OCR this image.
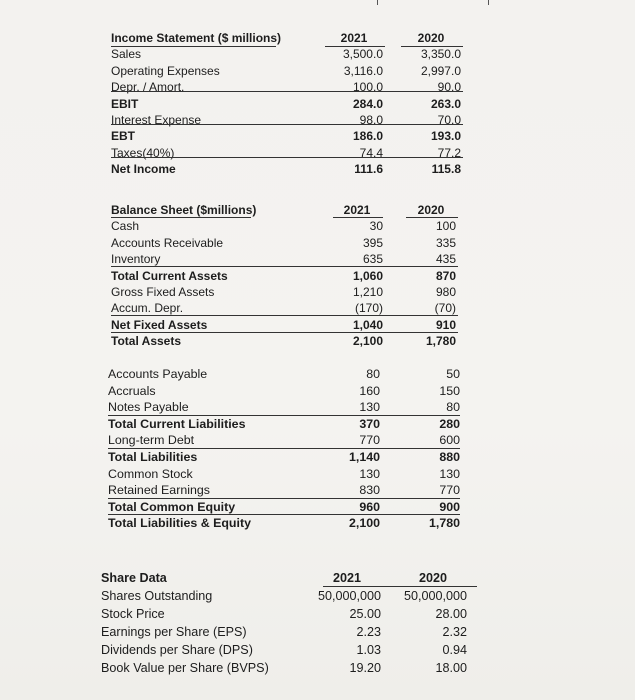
Income Statement ($ millions)	2021	2020
Sales	3,500.0	3,350.0
Operating Expenses	3,116.0	2,997.0
Depr. / Amort.	100.0	90.0
EBIT	284.0	263.0
Interest Expense	98.0	70.0
EBT	186.0	193.0
Taxes(40%)	74.4	77.2
Net Income	111.6	115.8
Balance Sheet ($millions)	2021	2020
Cash	30	100
Accounts Receivable	395	335
Inventory	635	435
Total Current Assets	1,060	870
Gross Fixed Assets	1,210	980
Accum. Depr.	(170)	(70)
Net Fixed Assets	1,040	910
Total Assets	2,100	1,780
Accounts Payable	80	50
Accruals	160	150
Notes Payable	130	80
Total Current Liabilities	370	280
Long-term Debt	770	600
Total Liabilities	1,140	880
Common Stock	130	130
Retained Earnings	830	770
Total Common Equity	960	900
Total Liabilities & Equity	2,100	1,780
Share Data	2021	2020
Shares Outstanding	50,000,000	50,000,000
Stock Price	25.00	28.00
Earnings per Share (EPS)	2.23	2.32
Dividends per Share (DPS)	1.03	0.94
Book Value per Share (BVPS)	19.20	18.00
